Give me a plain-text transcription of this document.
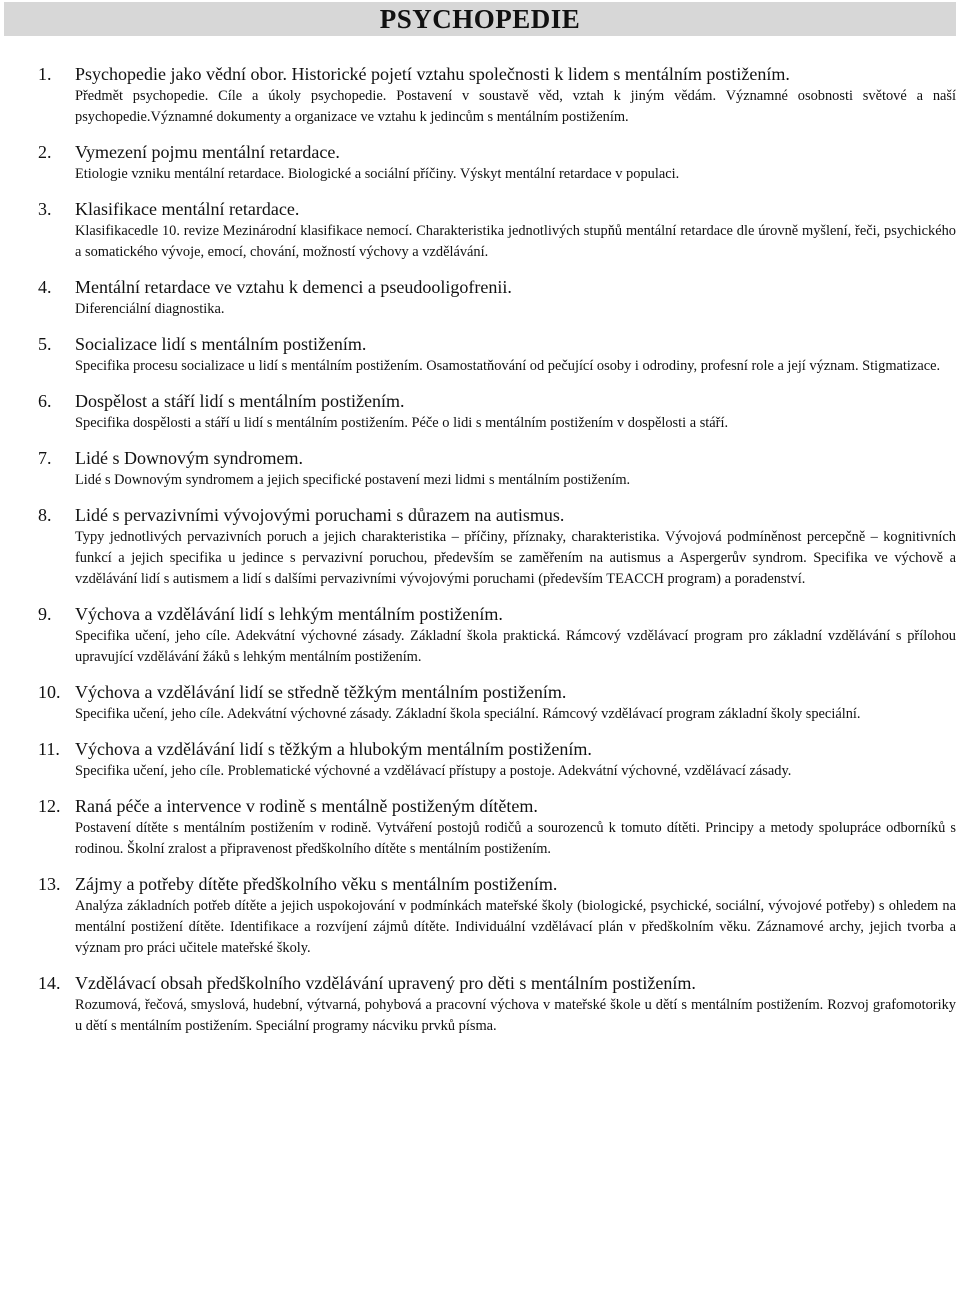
PSYCHOPEDIE
1. Psychopedie jako vědní obor. Historické pojetí vztahu společnosti k lidem s mentálním postižením.
Předmět psychopedie. Cíle a úkoly psychopedie. Postavení v soustavě věd, vztah k jiným vědám. Významné osobnosti světové a naší psychopedie.Významné dokumenty a organizace ve vztahu k jedincům s mentálním postižením.
2. Vymezení pojmu mentální retardace.
Etiologie vzniku mentální retardace. Biologické a sociální příčiny. Výskyt mentální retardace v populaci.
3. Klasifikace mentální retardace.
Klasifikacedle 10. revize Mezinárodní klasifikace nemocí. Charakteristika jednotlivých stupňů mentální retardace dle úrovně myšlení, řeči, psychického a somatického vývoje, emocí, chování, možností výchovy a vzdělávání.
4. Mentální retardace ve vztahu k demenci a pseudooligofrenii.
Diferenciální diagnostika.
5. Socializace lidí s mentálním postižením.
Specifika procesu socializace u lidí s mentálním postižením. Osamostatňování od pečující osoby i odrodiny, profesní role a její význam. Stigmatizace.
6. Dospělost a stáří lidí s mentálním postižením.
Specifika dospělosti a stáří u lidí s mentálním postižením. Péče o lidi s mentálním postižením v dospělosti a stáří.
7. Lidé s Downovým syndromem.
Lidé s Downovým syndromem a jejich specifické postavení mezi lidmi s mentálním postižením.
8. Lidé s pervazivními vývojovými poruchami s důrazem na autismus.
Typy jednotlivých pervazivních poruch a jejich charakteristika – příčiny, příznaky, charakteristika. Vývojová podmíněnost percepčně – kognitivních funkcí a jejich specifika u jedince s pervazivní poruchou, především se zaměřením na autismus a Aspergerův syndrom. Specifika ve výchově a vzdělávání lidí s autismem a lidí s dalšími pervazivními vývojovými poruchami (především TEACCH program) a poradenství.
9. Výchova a vzdělávání lidí s lehkým mentálním postižením.
Specifika učení, jeho cíle. Adekvátní výchovné zásady. Základní škola praktická. Rámcový vzdělávací program pro základní vzdělávání s přílohou upravující vzdělávání žáků s lehkým mentálním postižením.
10. Výchova a vzdělávání lidí se středně těžkým mentálním postižením.
Specifika učení, jeho cíle. Adekvátní výchovné zásady. Základní škola speciální. Rámcový vzdělávací program základní školy speciální.
11. Výchova a vzdělávání lidí s těžkým a hlubokým mentálním postižením.
Specifika učení, jeho cíle. Problematické výchovné a vzdělávací přístupy a postoje. Adekvátní výchovné, vzdělávací zásady.
12. Raná péče a intervence v rodině s mentálně postiženým dítětem.
Postavení dítěte s mentálním postižením v rodině. Vytváření postojů rodičů a sourozenců k tomuto dítěti. Principy a metody spolupráce odborníků s rodinou. Školní zralost a připravenost předškolního dítěte s mentálním postižením.
13. Zájmy a potřeby dítěte předškolního věku s mentálním postižením.
Analýza základních potřeb dítěte a jejich uspokojování v podmínkách mateřské školy (biologické, psychické, sociální, vývojové potřeby) s ohledem na mentální postižení dítěte. Identifikace a rozvíjení zájmů dítěte. Individuální vzdělávací plán v předškolním věku. Záznamové archy, jejich tvorba a význam pro práci učitele mateřské školy.
14. Vzdělávací obsah předškolního vzdělávání upravený pro děti s mentálním postižením.
Rozumová, řečová, smyslová, hudební, výtvarná, pohybová a pracovní výchova v mateřské škole u dětí s mentálním postižením. Rozvoj grafomotoriky u dětí s mentálním postižením. Speciální programy nácviku prvků písma.
